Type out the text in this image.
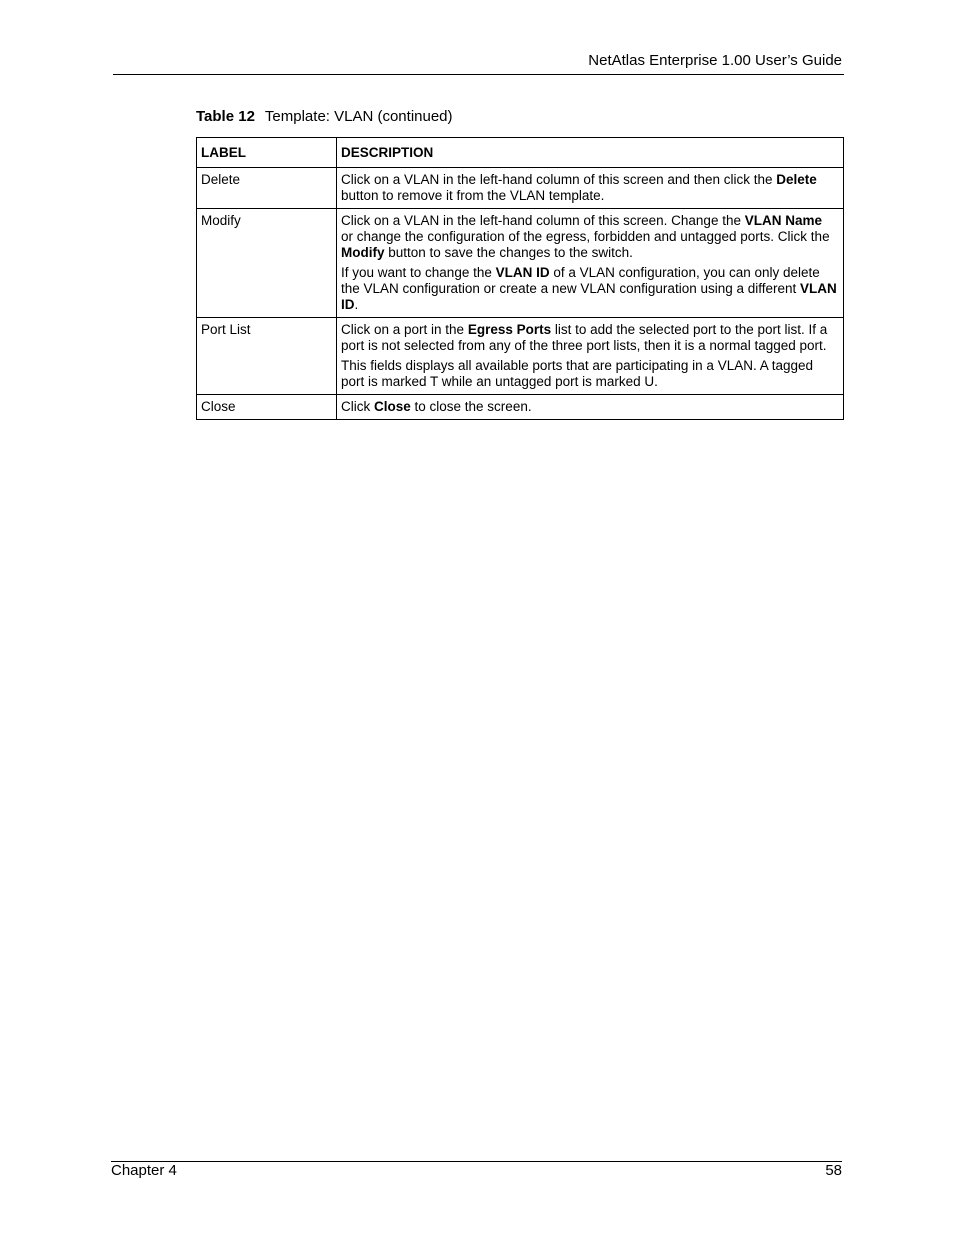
NetAtlas Enterprise 1.00 User’s Guide
Table 12 Template: VLAN (continued)
LABEL	DESCRIPTION
Delete	Click on a VLAN in the left-hand column of this screen and then click the Delete button to remove it from the VLAN template.

Modify	Click on a VLAN in the left-hand column of this screen. Change the VLAN Name or change the configuration of the egress, forbidden and untagged ports. Click the Modify button to save the changes to the switch.
If you want to change the VLAN ID of a VLAN configuration, you can only delete the VLAN configuration or create a new VLAN configuration using a different VLAN ID.

Port List	Click on a port in the Egress Ports list to add the selected port to the port list. If a port is not selected from any of the three port lists, then it is a normal tagged port.
This fields displays all available ports that are participating in a VLAN. A tagged port is marked T while an untagged port is marked U.

Close	Click Close to close the screen.
Chapter 4	58
